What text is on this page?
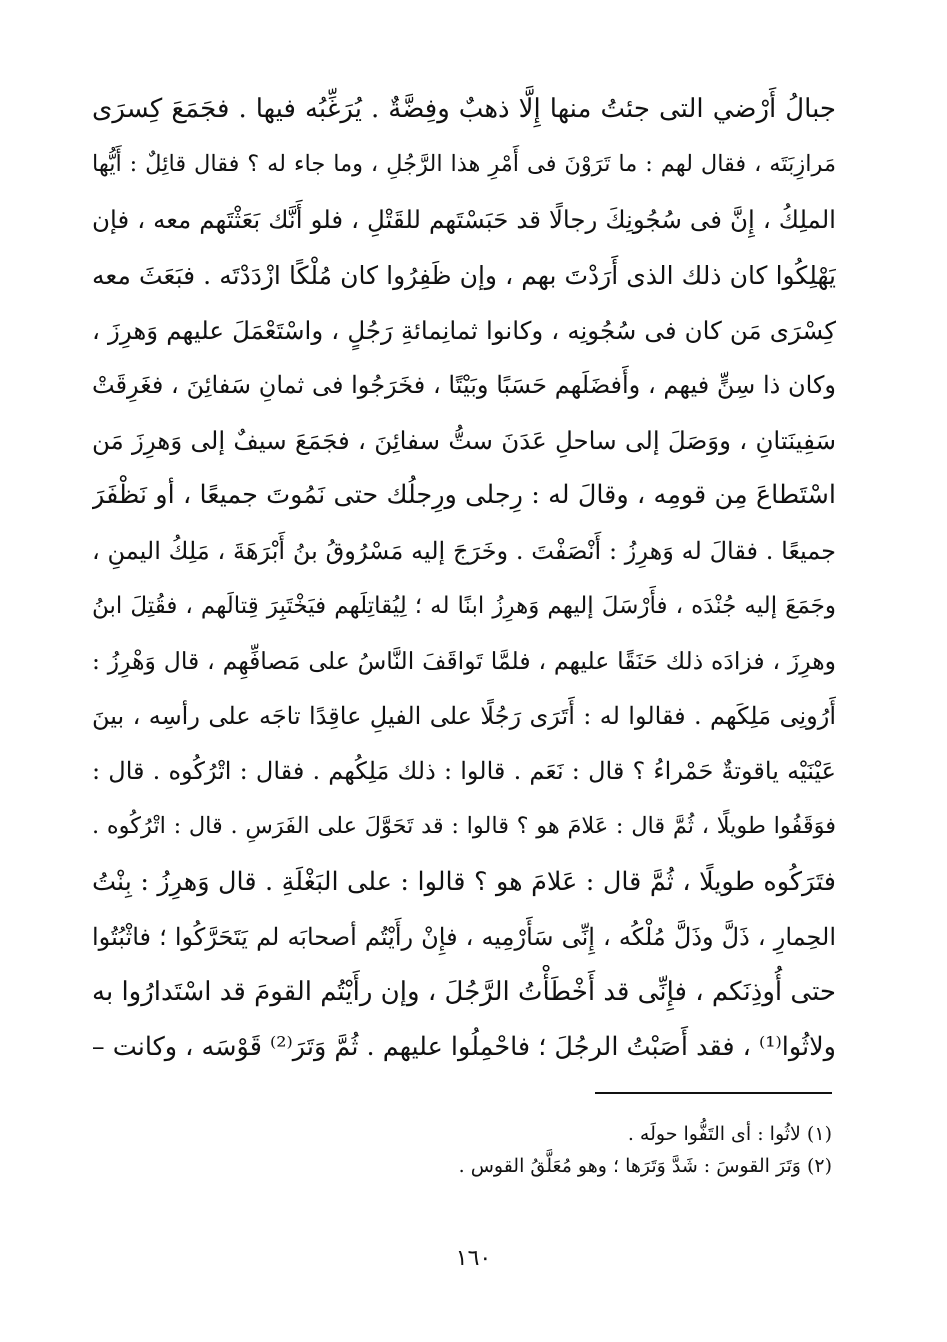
جبالُ أَرْضي التى جئتُ منها إِلَّا ذهبٌ وفِضَّةٌ . يُرَغِّبُه فيها . فجَمَعَ كِسرَى
مَرازِبَتَه ، فقال لهم : ما تَرَوْنَ فى أَمْرِ هذا الرَّجُلِ ، وما جاء له ؟ فقال قائِلٌ : أَيُّها
الملِكُ ، إِنَّ فى سُجُونِكَ رجالًا قد حَبَسْتَهم للقَتْلِ ، فلو أَنَّك بَعَثْتَهم معه ، فإن
يَهْلِكُوا كان ذلك الذى أَرَدْتَ بهم ، وإن ظَفِرُوا كان مُلْكًا ازْدَدْتَه . فبَعَثَ معه
كِسْرَى مَن كان فى سُجُونِه ، وكانوا ثمانِمائةِ رَجُلٍ ، واسْتَعْمَلَ عليهم وَهرِزَ ،
وكان ذا سِنٍّ فيهم ، وأَفضَلَهم حَسَبًا وبَيْتًا ، فخَرَجُوا فى ثمانِ سَفائِنَ ، فغَرِقَتْ
سَفِينَتانِ ، ووَصَلَ إلى ساحلِ عَدَنَ ستُّ سفائِنَ ، فجَمَعَ سيفٌ إلى وَهرِزَ مَن
اسْتَطاعَ مِن قومِه ، وقالَ له : رِجلى ورِجلُك حتى نَمُوتَ جميعًا ، أو نَظْفَرَ
جميعًا . فقالَ له وَهرِزُ : أَنْصَفْتَ . وخَرَجَ إليه مَسْرُوقُ بنُ أَبْرَهَةَ ، مَلِكُ اليمنِ ،
وجَمَعَ إليه جُنْدَه ، فأَرْسَلَ إليهم وَهرِزُ ابنًا له ؛ لِيُقاتِلَهم فيَخْتَبِرَ قِتالَهم ، فقُتِلَ ابنُ
وهرِزَ ، فزادَه ذلك حَنَقًا عليهم ، فلمَّا تَواقَفَ النَّاسُ على مَصافِّهِم ، قال وَهْرِزُ :
أَرُونِى مَلِكَهم . فقالوا له : أَتَرَى رَجُلًا على الفيلِ عاقِدًا تاجَه على رأسِه ، بينَ
عَيْنَيْه ياقوتةٌ حَمْراءُ ؟ قال : نَعَم . قالوا : ذلك مَلِكُهم . فقال : اتْرُكُوه . قال :
فوَقَفُوا طويلًا ، ثُمَّ قال : عَلامَ هو ؟ قالوا : قد تَحَوَّلَ على الفَرَسِ . قال : اتْرُكُوه .
فتَرَكُوه طويلًا ، ثُمَّ قال : عَلامَ هو ؟ قالوا : على البَغْلَةِ . قال وَهرِزُ : بِنْتُ
الحِمارِ ، ذَلَّ وذَلَّ مُلْكُه ، إِنِّى سَأَرْمِيه ، فإِنْ رأَيْتُم أصحابَه لم يَتَحَرَّكُوا ؛ فاثْبُتُوا
حتى أُوذِنَكم ، فإِنِّى قد أَخْطَأْتُ الرَّجُلَ ، وإن رأَيْتُم القومَ قد اسْتَدارُوا به
ولاثُوا⁽¹⁾ ، فقد أَصَبْتُ الرجُلَ ؛ فاحْمِلُوا عليهم . ثُمَّ وَتَرَ⁽²⁾ قَوْسَه ، وكانت –
(١) لاثُوا : أى التَفُّوا حولَه .
(٢) وَتَرَ القوسَ : شَدَّ وَتَرَها ؛ وهو مُعَلَّقُ القوس .
١٦٠
